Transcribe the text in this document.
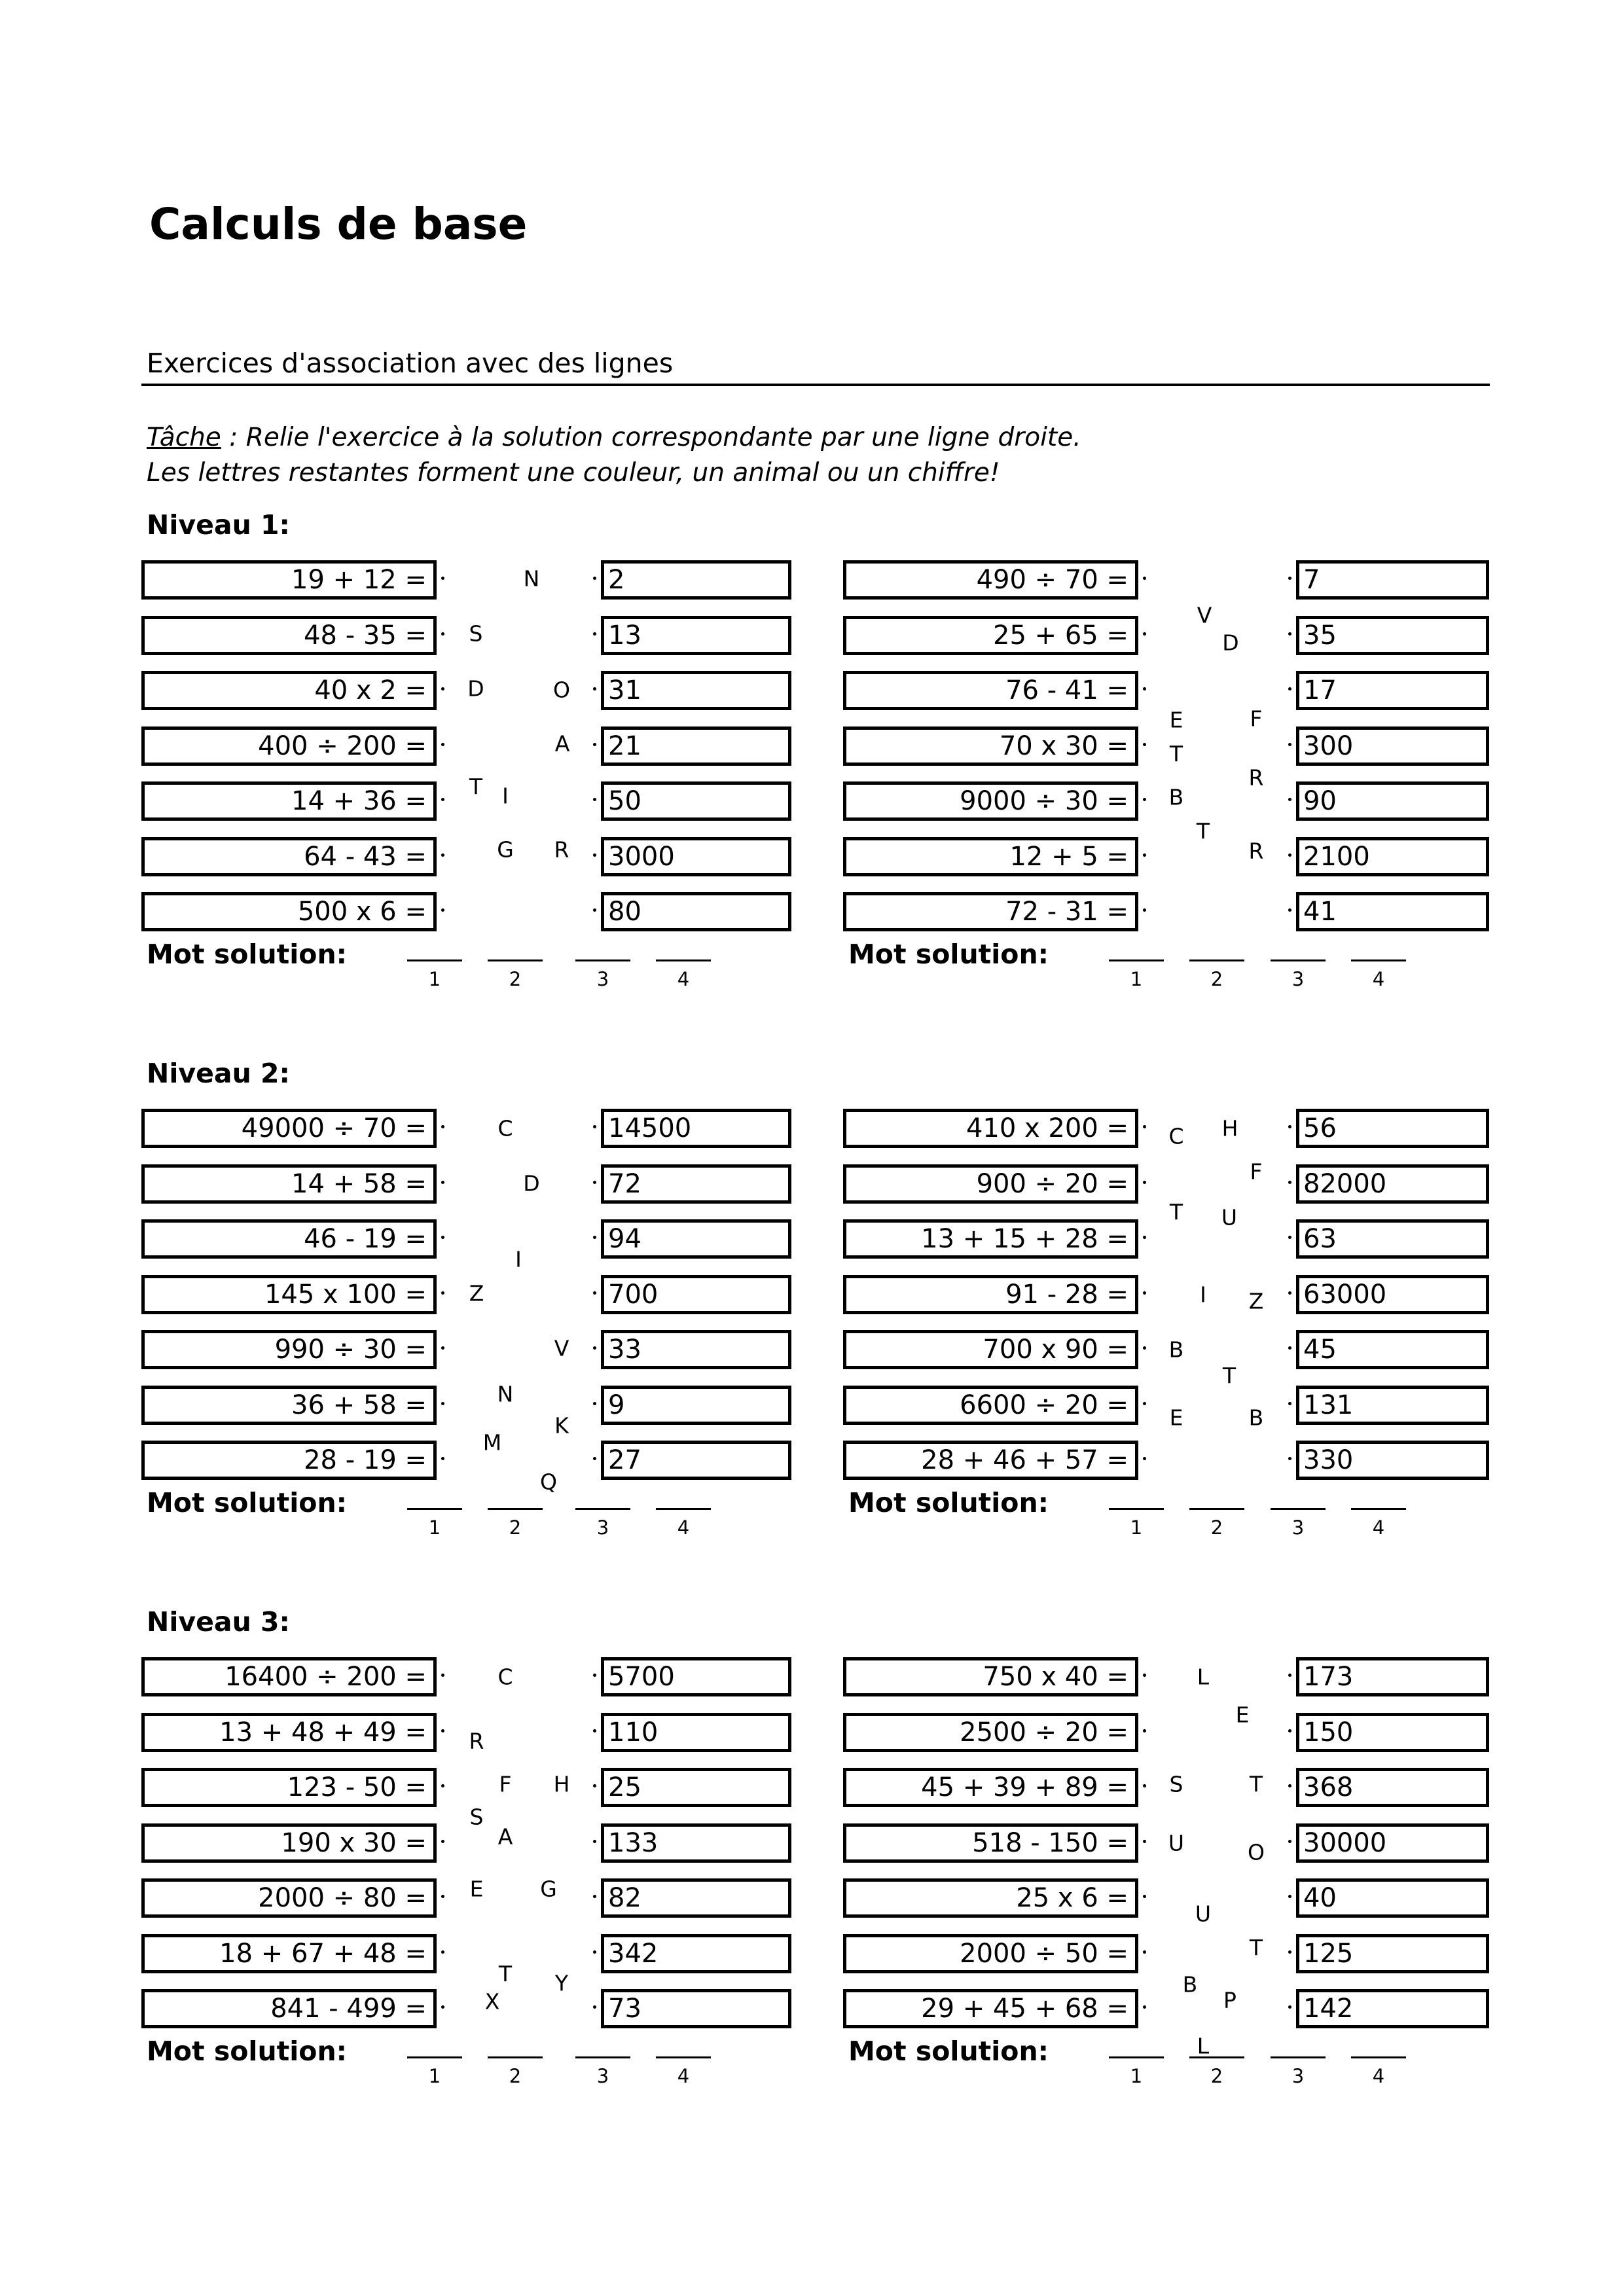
Calculs de base
Exercices d'association avec des lignes
Tâche : Relie l'exercice à la solution correspondante par une ligne droite.
Les lettres restantes forment une couleur, un animal ou un chiffre!
Niveau 1:
19 + 12 =	2
48 - 35 =	13
40 x 2 =	31
400 ÷ 200 =	21
14 + 36 =	50
64 - 43 =	3000
500 x 6 =	80
N
S
D	O
A
T I
G R
Mot solution:
1	2	3	4
490 ÷ 70 =	7
25 + 65 =	35
76 - 41 =	17
70 x 30 =	300
9000 ÷ 30 =	90
12 + 5 =	2100
72 - 31 =	41
V
D
E	F
T
R
B
T
R
Mot solution:
1	2	3	4
Niveau 2:
49000 ÷ 70 =	14500
14 + 58 =	72
46 - 19 =	94
145 x 100 =	700
990 ÷ 30 =	33
36 + 58 =	9
28 - 19 =	27
C
D
I
Z
V
N
K
M
Q
Mot solution:
1	2	3	4
410 x 200 =	56
900 ÷ 20 =	82000
13 + 15 + 28 =	63
91 - 28 =	63000
700 x 90 =	45
6600 ÷ 20 =	131
28 + 46 + 57 =	330
C H
F
T U
I Z
B
T
E	B
Mot solution:
1	2	3	4
Niveau 3:
16400 ÷ 200 =	5700
13 + 48 + 49 =	110
123 - 50 =	25
190 x 30 =	133
2000 ÷ 80 =	82
18 + 67 + 48 =	342
841 - 499 =	73
C
R
F H
S
A
E	G
T Y
X
Mot solution:
1	2	3	4
750 x 40 =	173
2500 ÷ 20 =	150
45 + 39 + 89 =	368
518 - 150 =	30000
25 x 6 =	40
2000 ÷ 50 =	125
29 + 45 + 68 =	142
L
E
S	T
U	O
U
T
B
P
L
Mot solution:
1	2	3	4
